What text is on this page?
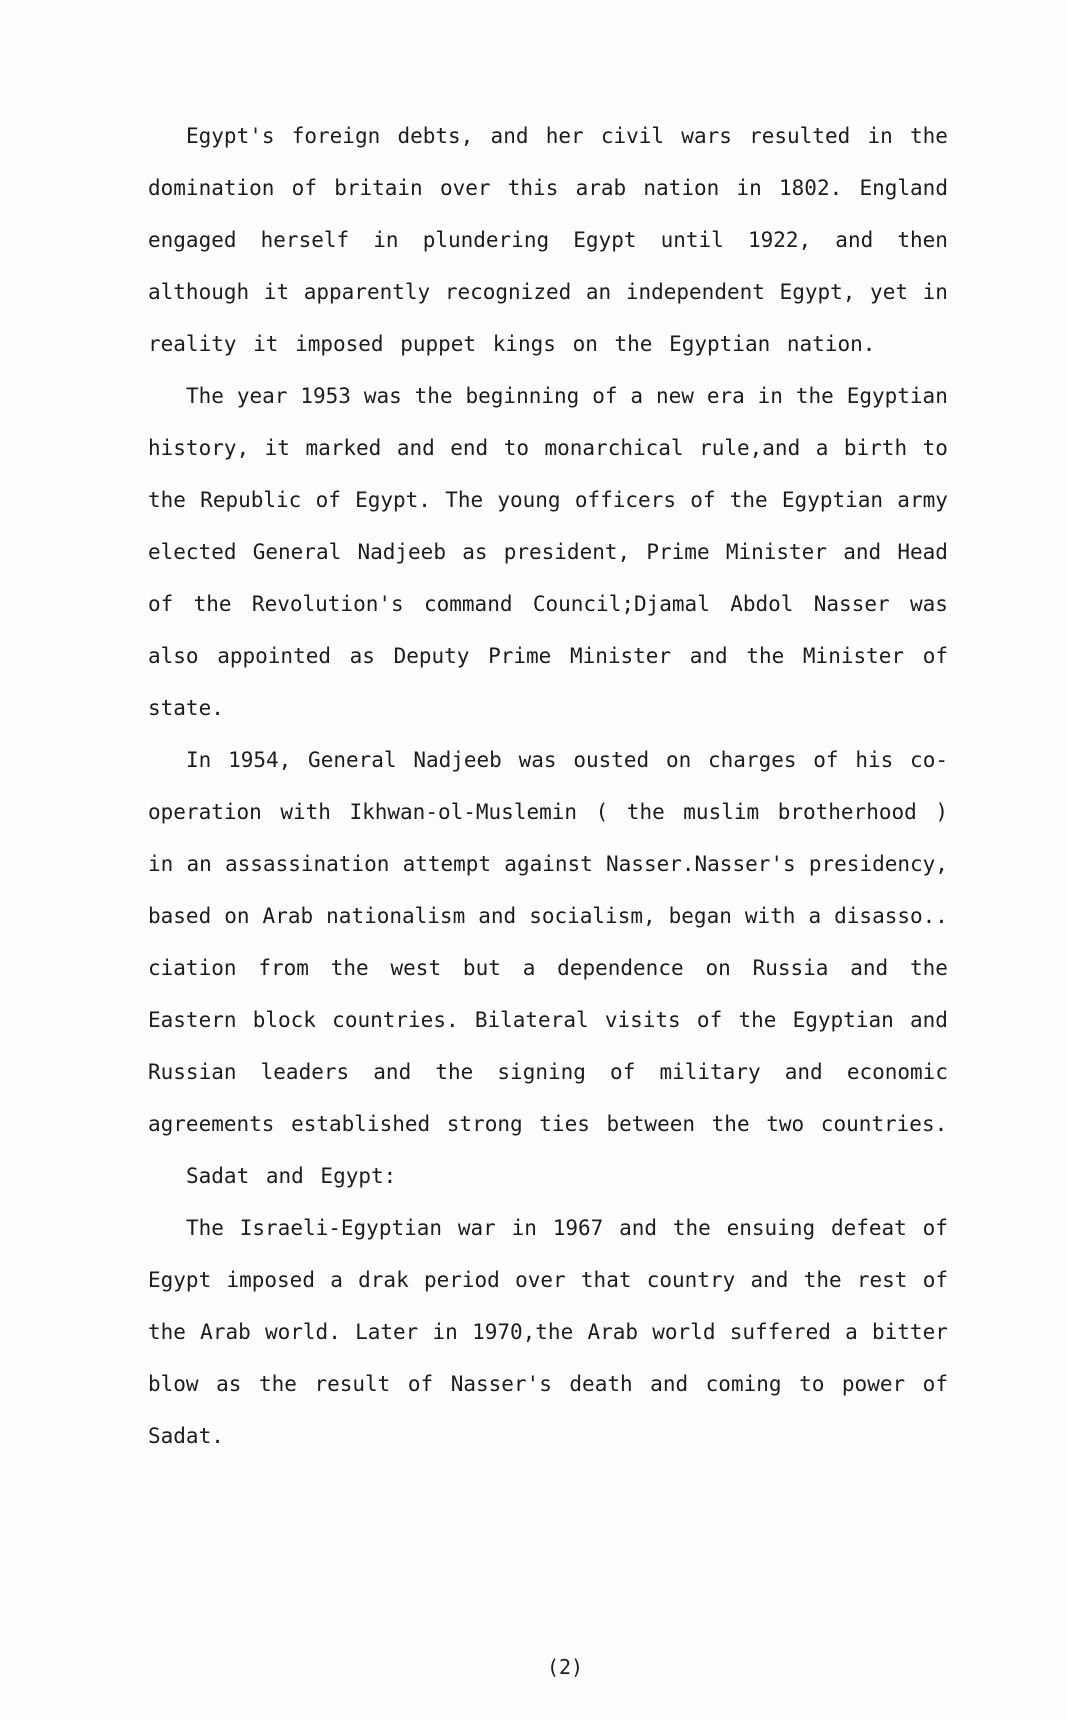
Egypt's foreign debts, and her civil wars resulted in the
domination of britain over this arab nation in 1802. England
engaged herself in plundering Egypt until 1922, and then
although it apparently recognized an independent Egypt, yet in
reality it imposed puppet kings on the Egyptian nation.
The year 1953 was the beginning of a new era in the Egyptian
history, it marked and end to monarchical rule,and a birth to
the Republic of Egypt. The young officers of the Egyptian army
elected General Nadjeeb as president, Prime Minister and Head
of the Revolution's command Council;Djamal Abdol Nasser was
also appointed as Deputy Prime Minister and the Minister of
state.
In 1954, General Nadjeeb was ousted on charges of his co-
operation with Ikhwan-ol-Muslemin ( the muslim brotherhood )
in an assassination attempt against Nasser.Nasser's presidency,
based on Arab nationalism and socialism, began with a disasso..
ciation from the west but a dependence on Russia and the
Eastern block countries. Bilateral visits of the Egyptian and
Russian leaders and the signing of military and economic
agreements established strong ties between the two countries.
Sadat and Egypt:
The Israeli-Egyptian war in 1967 and the ensuing defeat of
Egypt imposed a drak period over that country and the rest of
the Arab world. Later in 1970,the Arab world suffered a bitter
blow as the result of Nasser's death and coming to power of
Sadat.
(2)
